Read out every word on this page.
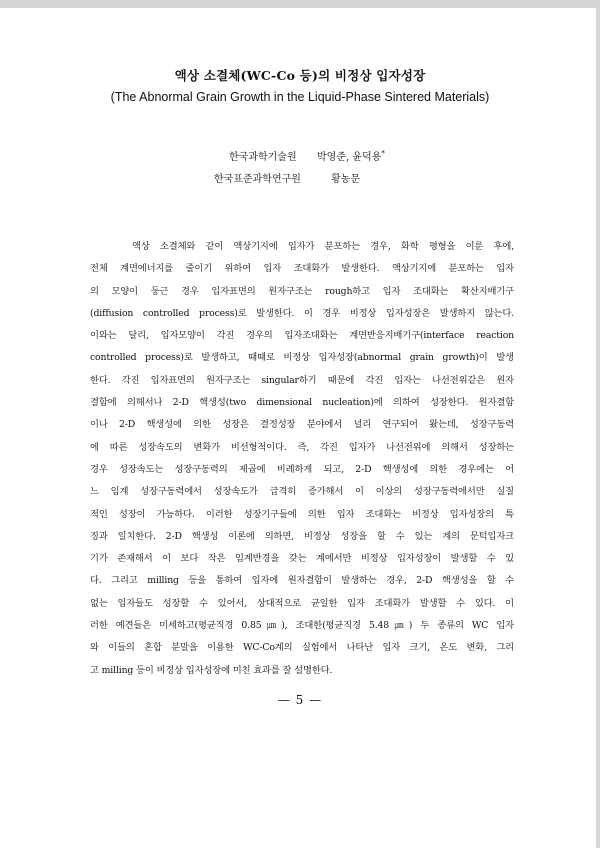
액상 소결체(WC-Co 등)의 비정상 입자성장
(The Abnormal Grain Growth in the Liquid-Phase Sintered Materials)
한국과학기술원 박영준, 윤덕용*
한국표준과학연구원	황농문
액상 소결체와 같이 액상기지에 입자가 분포하는 경우, 화학 평형을 이룬 후에,
전체 계면에너지를 줄이기 위하여 입자 조대화가 발생한다. 액상기지에 분포하는 입자
의 모양이 둥근 경우 입자표면의 원자구조는 rough하고 입자 조대화는 확산지배기구
(diffusion controlled process)로 발생한다. 이 경우 비정상 입자성장은 발생하지 않는다.
이와는 달리, 입자모양이 각진 경우의 입자조대화는 계면반응지배기구(interface reaction
controlled process)로 발생하고, 때때로 비정상 입자성장(abnormal grain growth)이 발생
한다. 각진 입자표면의 원자구조는 singular하기 때문에 각진 입자는 나선전위같은 원자
결함에 의해서나 2-D 핵생성(two dimensional nucleation)에 의하여 성장한다. 원자결함
이나 2-D 핵생성에 의한 성장은 결정성장 분야에서 널리 연구되어 왔는데, 성장구동력
에 따른 성장속도의 변화가 비선형적이다. 즉, 각진 입자가 나선전위에 의해서 성장하는
경우 성장속도는 성장구동력의 제곱에 비례하게 되고, 2-D 핵생성에 의한 경우에는 어
느 임계 성장구동력에서 성장속도가 급격히 증가해서 이 이상의 성장구동력에서만 실질
적인 성장이 가능하다. 이러한 성장기구들에 의한 입자 조대화는 비정상 입자성장의 특
징과 일치한다. 2-D 핵생성 이론에 의하면, 비정상 성장을 할 수 있는 계의 문턱입자크
기가 존재해서 이 보다 작은 임계반경을 갖는 계에서만 비정상 입자성장이 발생할 수 있
다. 그리고 milling 등을 통하여 입자에 원자결함이 발생하는 경우, 2-D 핵생성을 할 수
없는 입자들도 성장할 수 있어서, 상대적으로 균일한 입자 조대화가 발생할 수 있다. 이
러한 예견들은 미세하고(평균직경 0.85㎛), 조대한(평균직경 5.48㎛) 두 종류의 WC 입자
와 이들의 혼합 분말을 이용한 WC-Co계의 실험에서 나타난 입자 크기, 온도 변화, 그리
고 milling 등이 비정상 입자성장에 미친 효과를 잘 설명한다.
— 5 —
